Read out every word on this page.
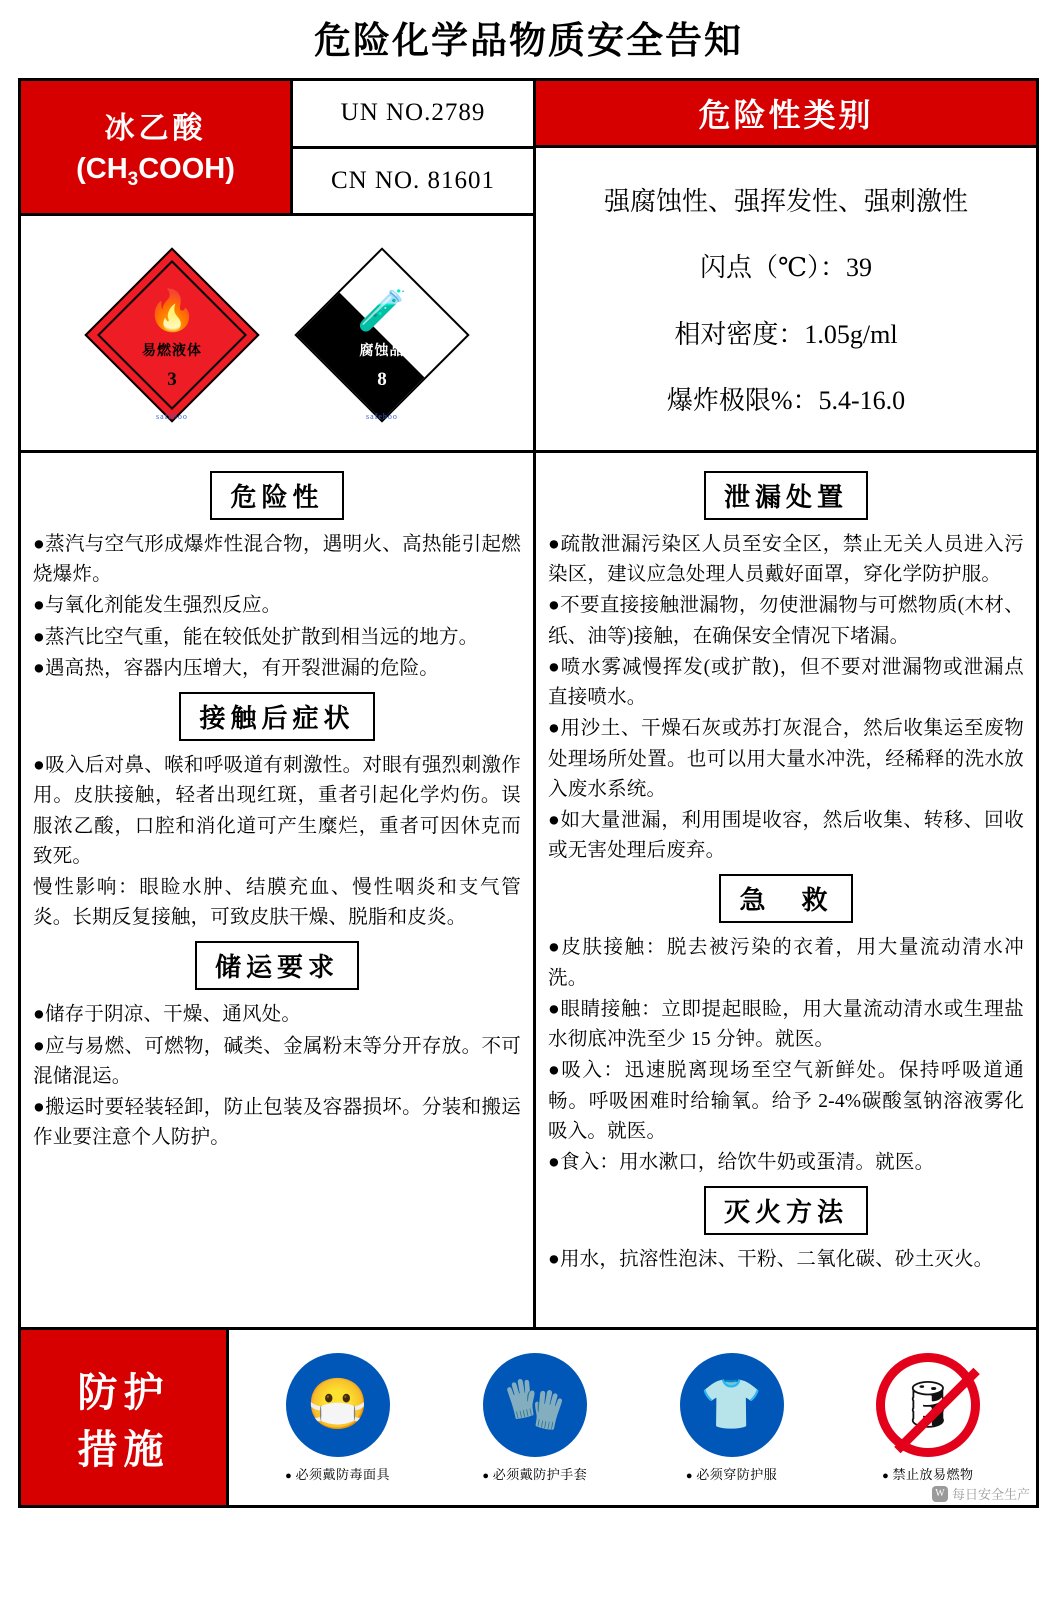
危险化学品物质安全告知
冰乙酸
$(CH_3COOH)$
UN NO.2789
CN NO. 81601
🔥
易燃液体
3
safehoo
🧪
腐蚀品
8
safehoo
危险性类别
强腐蚀性、强挥发性、强刺激性
闪点（℃）：39
相对密度：1.05g/ml
爆炸极限%：5.4-16.0
危险性

●蒸汽与空气形成爆炸性混合物，遇明火、高热能引起燃烧爆炸。

●与氧化剂能发生强烈反应。

●蒸汽比空气重，能在较低处扩散到相当远的地方。

●遇高热，容器内压增大，有开裂泄漏的危险。

接触后症状

●吸入后对鼻、喉和呼吸道有刺激性。对眼有强烈刺激作用。皮肤接触，轻者出现红斑，重者引起化学灼伤。误服浓乙酸，口腔和消化道可产生糜烂，重者可因休克而致死。

慢性影响：眼睑水肿、结膜充血、慢性咽炎和支气管炎。长期反复接触，可致皮肤干燥、脱脂和皮炎。

储运要求

●储存于阴凉、干燥、通风处。

●应与易燃、可燃物，碱类、金属粉末等分开存放。不可混储混运。

●搬运时要轻装轻卸，防止包装及容器损坏。分装和搬运作业要注意个人防护。

泄漏处置

●疏散泄漏污染区人员至安全区，禁止无关人员进入污染区，建议应急处理人员戴好面罩，穿化学防护服。

●不要直接接触泄漏物，勿使泄漏物与可燃物质(木材、纸、油等)接触，在确保安全情况下堵漏。

●喷水雾减慢挥发(或扩散)，但不要对泄漏物或泄漏点直接喷水。

●用沙土、干燥石灰或苏打灰混合，然后收集运至废物处理场所处置。也可以用大量水冲洗，经稀释的洗水放入废水系统。

●如大量泄漏，利用围堤收容，然后收集、转移、回收或无害处理后废弃。

急　救

●皮肤接触：脱去被污染的衣着，用大量流动清水冲洗。

●眼睛接触：立即提起眼睑，用大量流动清水或生理盐水彻底冲洗至少 15 分钟。就医。

●吸入：迅速脱离现场至空气新鲜处。保持呼吸道通畅。呼吸困难时给输氧。给予 2-4%碳酸氢钠溶液雾化吸入。就医。

●食入：用水漱口，给饮牛奶或蛋清。就医。

灭火方法

●用水，抗溶性泡沫、干粉、二氧化碳、砂土灭火。

防护
措施
😷
● 必须戴防毒面具
🧤
● 必须戴防护手套
👕
● 必须穿防护服
🛢
● 禁止放易燃物
W 每日安全生产
